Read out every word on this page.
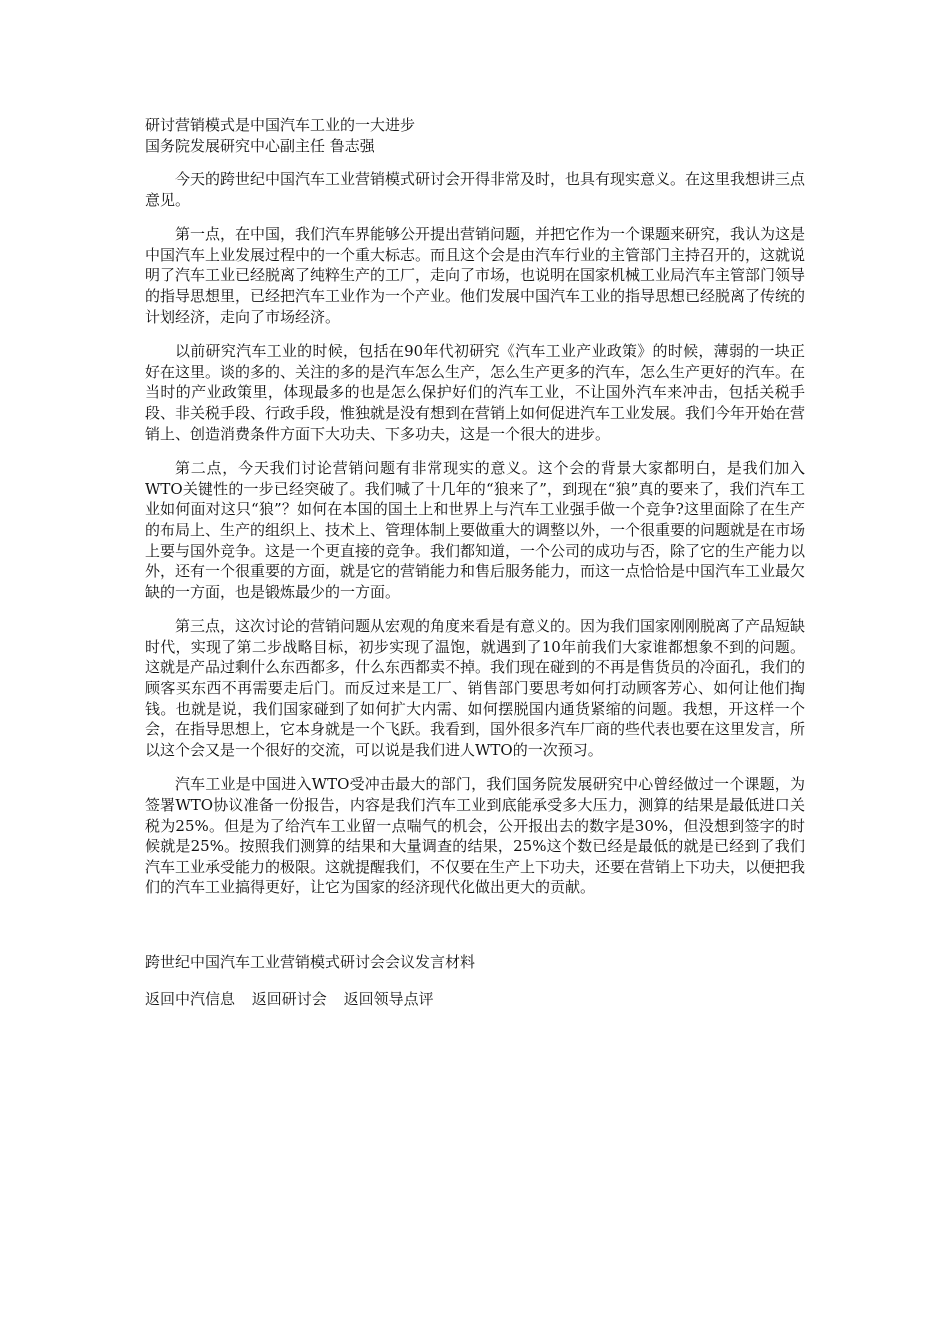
研讨营销模式是中国汽车工业的一大进步

国务院发展研究中心副主任 鲁志强

今天的跨世纪中国汽车工业营销模式研讨会开得非常及时，也具有现实意义。在这里我想讲三点意见。

第一点，在中国，我们汽车界能够公开提出营销问题，并把它作为一个课题来研究，我认为这是中国汽车上业发展过程中的一个重大标志。而且这个会是由汽车行业的主管部门主持召开的，这就说明了汽车工业已经脱离了纯粹生产的工厂，走向了市场，也说明在国家机械工业局汽车主管部门领导的指导思想里，已经把汽车工业作为一个产业。他们发展中国汽车工业的指导思想已经脱离了传统的计划经济，走向了市场经济。

以前研究汽车工业的时候，包括在90年代初研究《汽车工业产业政策》的时候，薄弱的一块正好在这里。谈的多的、关注的多的是汽车怎么生产，怎么生产更多的汽车，怎么生产更好的汽车。在当时的产业政策里，体现最多的也是怎么保护好们的汽车工业，不让国外汽车来冲击，包括关税手段、非关税手段、行政手段，惟独就是没有想到在营销上如何促进汽车工业发展。我们今年开始在营销上、创造消费条件方面下大功夫、下多功夫，这是一个很大的进步。

第二点，今天我们讨论营销问题有非常现实的意义。这个会的背景大家都明白，是我们加入WTO关键性的一步已经突破了。我们喊了十几年的“狼来了”，到现在“狼”真的要来了，我们汽车工业如何面对这只“狼”？如何在本国的国土上和世界上与汽车工业强手做一个竞争?这里面除了在生产的布局上、生产的组织上、技术上、管理体制上要做重大的调整以外，一个很重要的问题就是在市场上要与国外竞争。这是一个更直接的竞争。我们都知道，一个公司的成功与否，除了它的生产能力以外，还有一个很重要的方面，就是它的营销能力和售后服务能力，而这一点恰恰是中国汽车工业最欠缺的一方面，也是锻炼最少的一方面。

第三点，这次讨论的营销问题从宏观的角度来看是有意义的。因为我们国家刚刚脱离了产品短缺时代，实现了第二步战略目标，初步实现了温饱，就遇到了10年前我们大家谁都想象不到的问题。这就是产品过剩什么东西都多，什么东西都卖不掉。我们现在碰到的不再是售货员的冷面孔，我们的顾客买东西不再需要走后门。而反过来是工厂、销售部门要思考如何打动顾客芳心、如何让他们掏钱。也就是说，我们国家碰到了如何扩大内需、如何摆脱国内通货紧缩的问题。我想，开这样一个会，在指导思想上，它本身就是一个飞跃。我看到，国外很多汽车厂商的些代表也要在这里发言，所以这个会又是一个很好的交流，可以说是我们进人WTO的一次预习。

汽车工业是中国进入WTO受冲击最大的部门，我们国务院发展研究中心曾经做过一个课题，为签署WTO协议准备一份报告，内容是我们汽车工业到底能承受多大压力，测算的结果是最低进口关税为25%。但是为了给汽车工业留一点喘气的机会，公开报出去的数字是30%，但没想到签字的时候就是25%。按照我们测算的结果和大量调查的结果，25%这个数已经是最低的就是已经到了我们汽车工业承受能力的极限。这就提醒我们，不仅要在生产上下功夫，还要在营销上下功夫，以便把我们的汽车工业搞得更好，让它为国家的经济现代化做出更大的贡献。

跨世纪中国汽车工业营销模式研讨会会议发言材料

返回中汽信息 返回研讨会 返回领导点评
